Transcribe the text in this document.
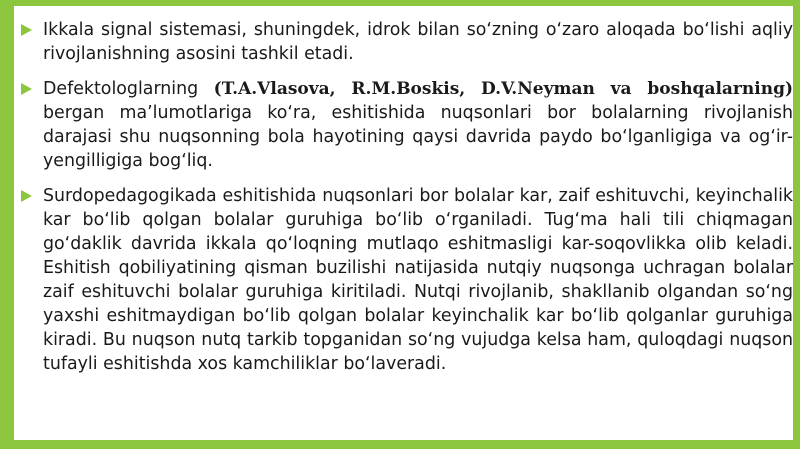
Ikkala signal sistemasi, shuningdek, idrok bilan so‘zning o‘zaro aloqada bo‘lishi aqliy rivojlanishning asosini tashkil etadi.
Defektologlarning (T.A.Vlasova, R.M.Boskis, D.V.Neyman va boshqalarning) bergan ma’lumotlariga ko‘ra, eshitishida nuqsonlari bor bolalarning rivojlanish darajasi shu nuqsonning bola hayotining qaysi davrida paydo bo‘lganligiga va og‘ir-yengilligiga bog‘liq.
Surdopedagogikada eshitishida nuqsonlari bor bolalar kar, zaif eshituvchi, keyinchalik kar bo‘lib qolgan bolalar guruhiga bo‘lib o‘rganiladi. Tug‘ma hali tili chiqmagan go‘daklik davrida ikkala qo‘loqning mutlaqo eshitmasligi kar-soqovlikka olib keladi. Eshitish qobiliyatining qisman buzilishi natijasida nutqiy nuqsonga uchragan bolalar zaif eshituvchi bolalar guruhiga kiritiladi. Nutqi rivojlanib, shakllanib olgandan so‘ng yaxshi eshitmaydigan bo‘lib qolgan bolalar keyinchalik kar bo‘lib qolganlar guruhiga kiradi. Bu nuqson nutq tarkib topganidan so‘ng vujudga kelsa ham, quloqdagi nuqson tufayli eshitishda xos kamchiliklar bo‘laveradi.
